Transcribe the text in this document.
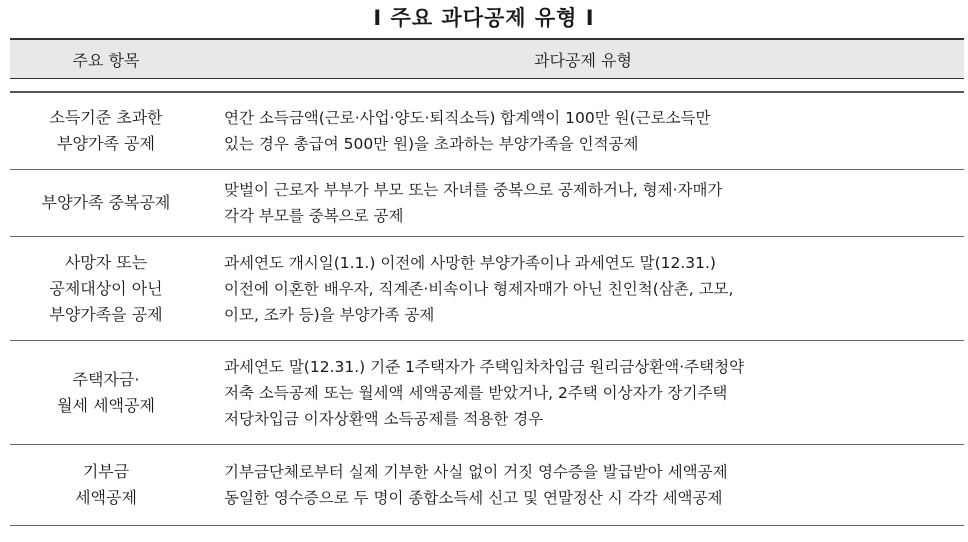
Ⅰ 주요 과다공제 유형 Ⅰ
주요 항목	과다공제 유형
소득기준 초과한
부양가족 공제
연간 소득금액(근로·사업·양도·퇴직소득) 합계액이 100만 원(근로소득만
있는 경우 총급여 500만 원)을 초과하는 부양가족을 인적공제
부양가족 중복공제
맞벌이 근로자 부부가 부모 또는 자녀를 중복으로 공제하거나, 형제·자매가
각각 부모를 중복으로 공제
사망자 또는
공제대상이 아닌
부양가족을 공제
과세연도 개시일(1.1.) 이전에 사망한 부양가족이나 과세연도 말(12.31.)
이전에 이혼한 배우자, 직계존·비속이나 형제자매가 아닌 친인척(삼촌, 고모,
이모, 조카 등)을 부양가족 공제
주택자금·
월세 세액공제
과세연도 말(12.31.) 기준 1주택자가 주택임차차입금 원리금상환액·주택청약
저축 소득공제 또는 월세액 세액공제를 받았거나, 2주택 이상자가 장기주택
저당차입금 이자상환액 소득공제를 적용한 경우
기부금
세액공제
기부금단체로부터 실제 기부한 사실 없이 거짓 영수증을 발급받아 세액공제
동일한 영수증으로 두 명이 종합소득세 신고 및 연말정산 시 각각 세액공제
